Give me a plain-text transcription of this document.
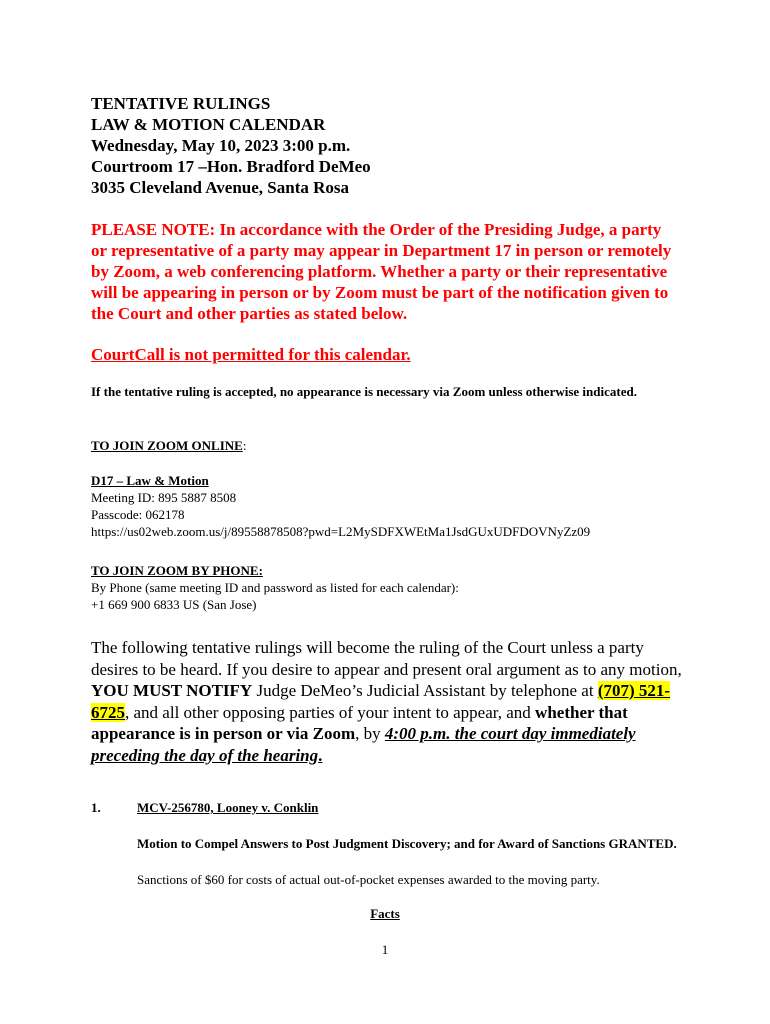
TENTATIVE RULINGS
LAW & MOTION CALENDAR
Wednesday, May 10, 2023 3:00 p.m.
Courtroom 17 –Hon. Bradford DeMeo
3035 Cleveland Avenue, Santa Rosa
PLEASE NOTE: In accordance with the Order of the Presiding Judge, a party or representative of a party may appear in Department 17 in person or remotely by Zoom, a web conferencing platform. Whether a party or their representative will be appearing in person or by Zoom must be part of the notification given to the Court and other parties as stated below.
CourtCall is not permitted for this calendar.
If the tentative ruling is accepted, no appearance is necessary via Zoom unless otherwise indicated.
TO JOIN ZOOM ONLINE:
D17 – Law & Motion
Meeting ID: 895 5887 8508
Passcode: 062178
https://us02web.zoom.us/j/89558878508?pwd=L2MySDFXWEtMa1JsdGUxUDFDOVNyZz09
TO JOIN ZOOM BY PHONE:
By Phone (same meeting ID and password as listed for each calendar):
+1 669 900 6833 US (San Jose)
The following tentative rulings will become the ruling of the Court unless a party desires to be heard. If you desire to appear and present oral argument as to any motion, YOU MUST NOTIFY Judge DeMeo’s Judicial Assistant by telephone at (707) 521-6725, and all other opposing parties of your intent to appear, and whether that appearance is in person or via Zoom, by 4:00 p.m. the court day immediately preceding the day of the hearing.
1.	MCV-256780, Looney v. Conklin
Motion to Compel Answers to Post Judgment Discovery; and for Award of Sanctions GRANTED.
Sanctions of $60 for costs of actual out-of-pocket expenses awarded to the moving party.
Facts
1
